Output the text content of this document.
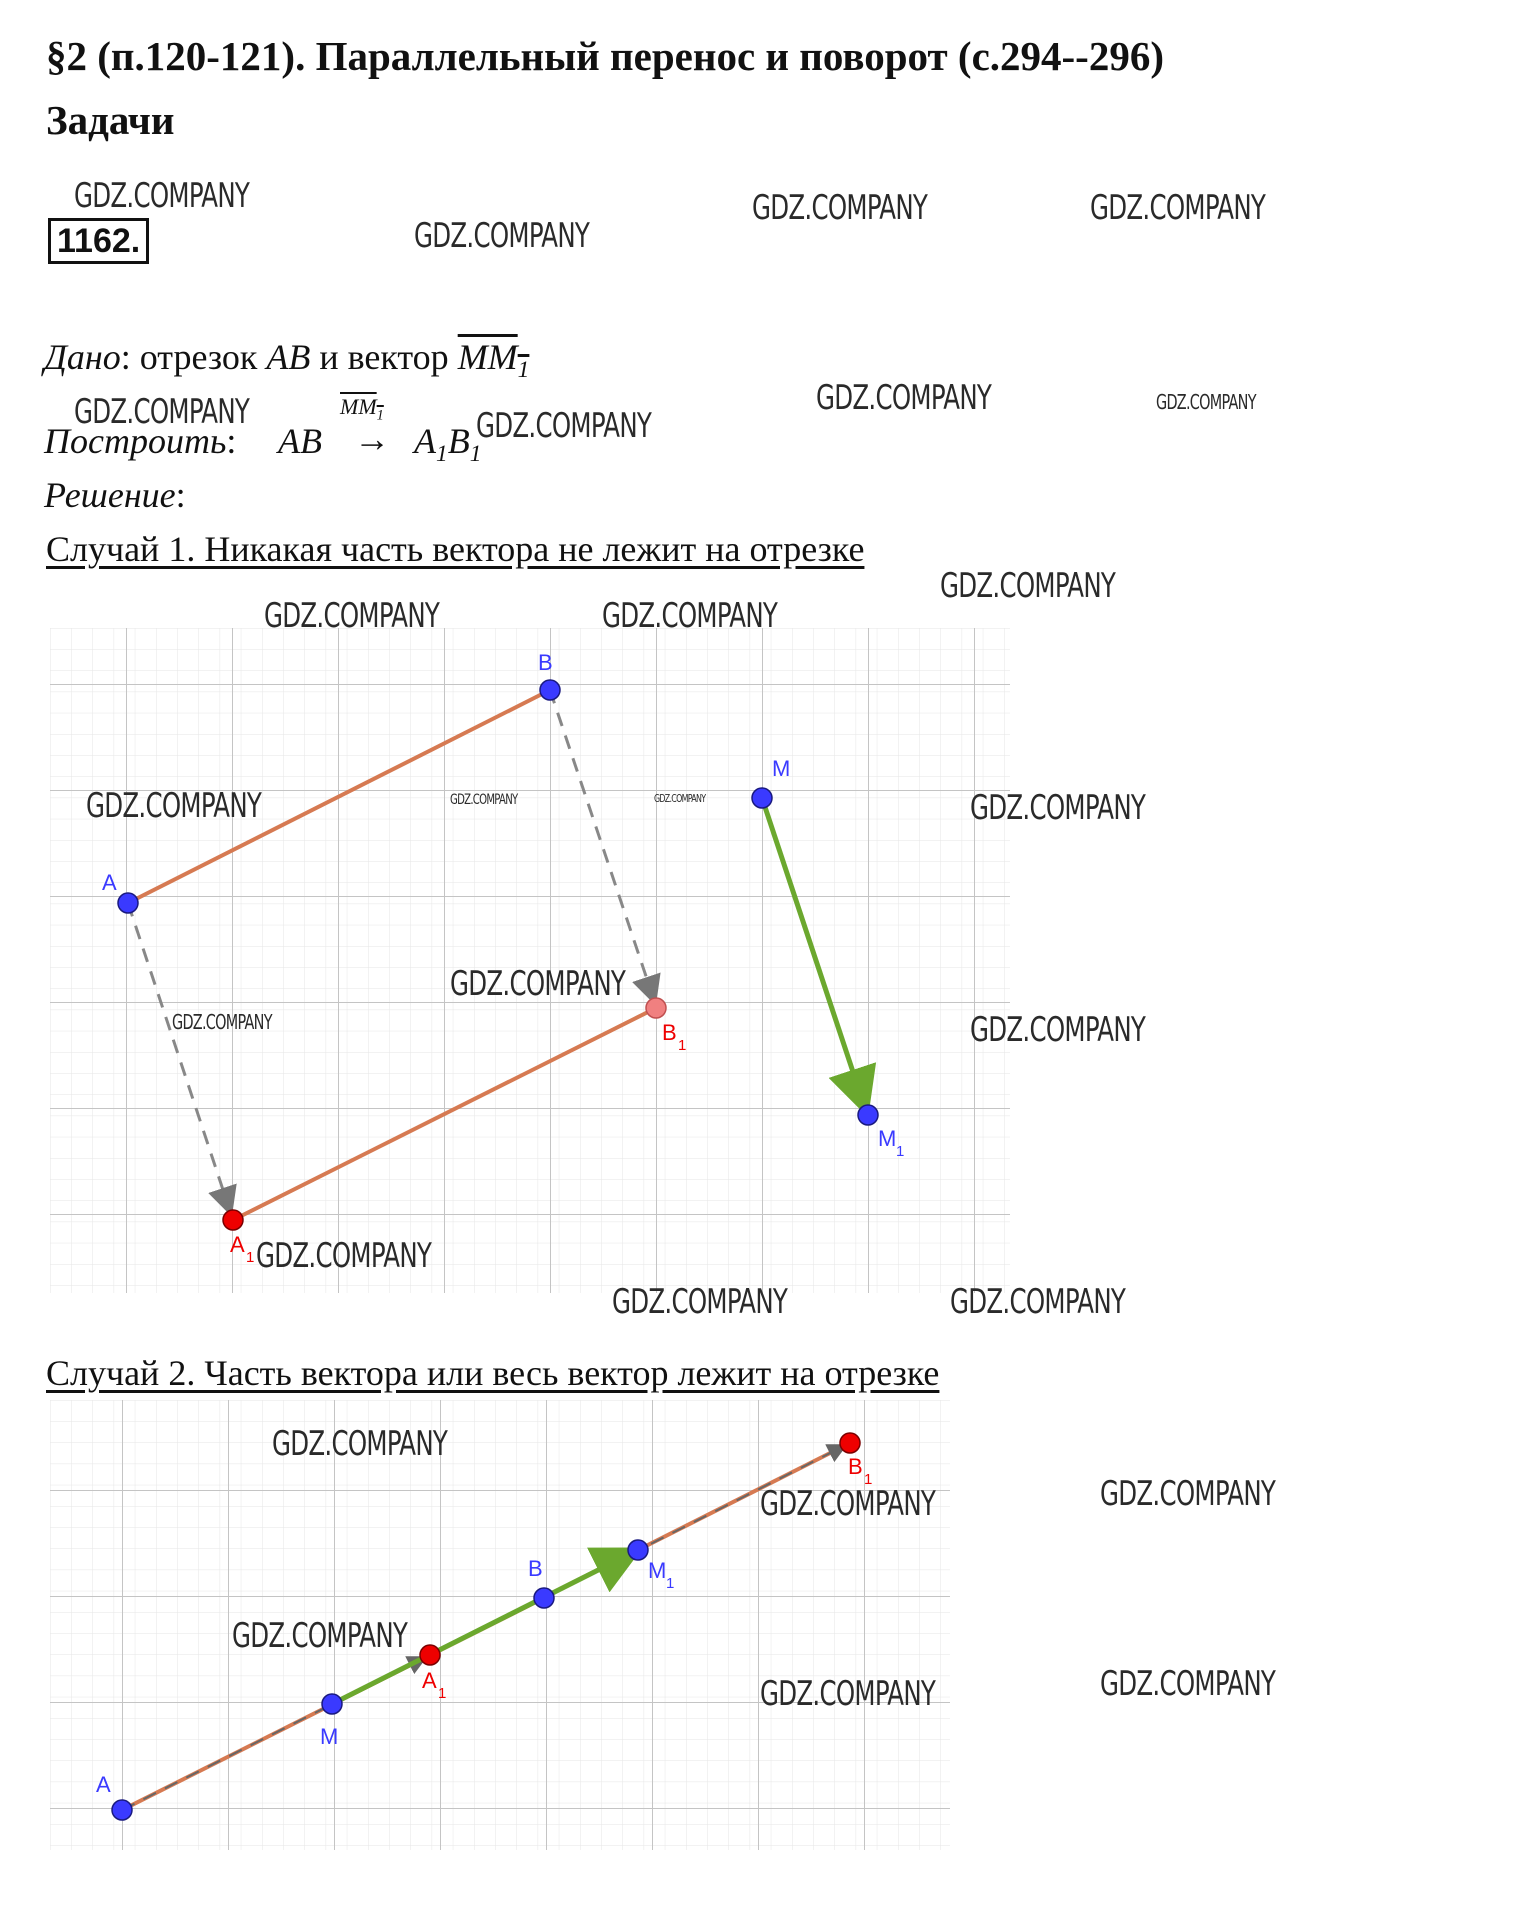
§2 (п.120-121). Параллельный перенос и поворот (с.294--296)
Задачи
1162.
Дано: отрезок AB и вектор $MM_1$
Построить: AB
$MM_1$
→ $A_1B_1$
Решение:
Случай 1. Никакая часть вектора не лежит на отрезке
A
B
M
M
1
A
1
B
1
Случай 2. Часть вектора или весь вектор лежит на отрезке
A
M
B	M
1
A
1
B
1
GDZ.COMPANY
GDZ.COMPANY
GDZ.COMPANY	GDZ.COMPANY
GDZ.COMPANY	GDZ.COMPANY
GDZ.COMPANY	GDZ.COMPANY
GDZ.COMPANY
GDZ.COMPANY	GDZ.COMPANY
GDZ.COMPANY	GDZ.COMPANY	GDZ.COMPANY	GDZ.COMPANY
GDZ.COMPANY
GDZ.COMPANY	GDZ.COMPANY
GDZ.COMPANY
GDZ.COMPANY	GDZ.COMPANY
GDZ.COMPANY
GDZ.COMPANY	GDZ.COMPANY
GDZ.COMPANY
GDZ.COMPANY	GDZ.COMPANY
